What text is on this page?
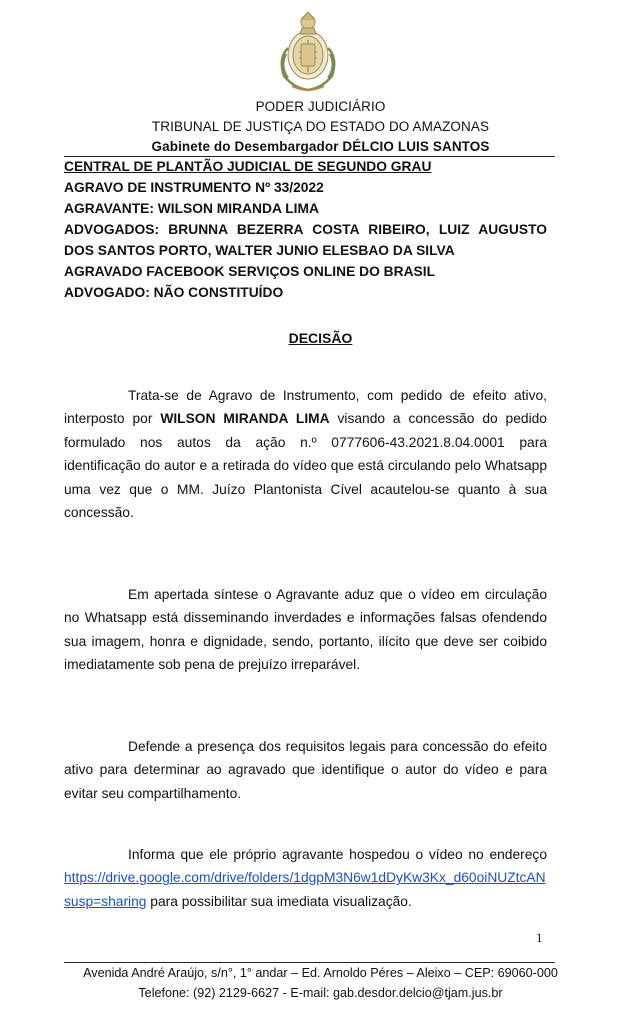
PODER JUDICIÁRIO
TRIBUNAL DE JUSTIÇA DO ESTADO DO AMAZONAS
Gabinete do Desembargador DÉLCIO LUIS SANTOS
CENTRAL DE PLANTÃO JUDICIAL DE SEGUNDO GRAU
AGRAVO DE INSTRUMENTO Nº 33/2022
AGRAVANTE: WILSON MIRANDA LIMA
ADVOGADOS: BRUNNA BEZERRA COSTA RIBEIRO, LUIZ AUGUSTO
DOS SANTOS PORTO, WALTER JUNIO ELESBAO DA SILVA
AGRAVADO FACEBOOK SERVIÇOS ONLINE DO BRASIL
ADVOGADO: NÃO CONSTITUÍDO
DECISÃO
Trata-se de Agravo de Instrumento, com pedido de efeito ativo,
interposto por WILSON MIRANDA LIMA visando a concessão do pedido
formulado nos autos da ação n.º 0777606-43.2021.8.04.0001 para
identificação do autor e a retirada do vídeo que está circulando pelo Whatsapp
uma vez que o MM. Juízo Plantonista Cível acautelou-se quanto à sua
concessão.
Em apertada síntese o Agravante aduz que o vídeo em circulação
no Whatsapp está disseminando inverdades e informações falsas ofendendo
sua imagem, honra e dignidade, sendo, portanto, ilícito que deve ser coibido
imediatamente sob pena de prejuízo irreparável.
Defende a presença dos requisitos legais para concessão do efeito
ativo para determinar ao agravado que identifique o autor do vídeo e para
evitar seu compartilhamento.
Informa que ele próprio agravante hospedou o vídeo no endereço
https://drive.google.com/drive/folders/1dgpM3N6w1dDyKw3Kx_d60oiNUZtcAN
susp=sharing para possibilitar sua imediata visualização.
1
Avenida André Araújo, s/n°, 1° andar – Ed. Arnoldo Péres – Aleixo – CEP: 69060-000
Telefone: (92) 2129-6627 - E-mail: gab.desdor.delcio@tjam.jus.br
